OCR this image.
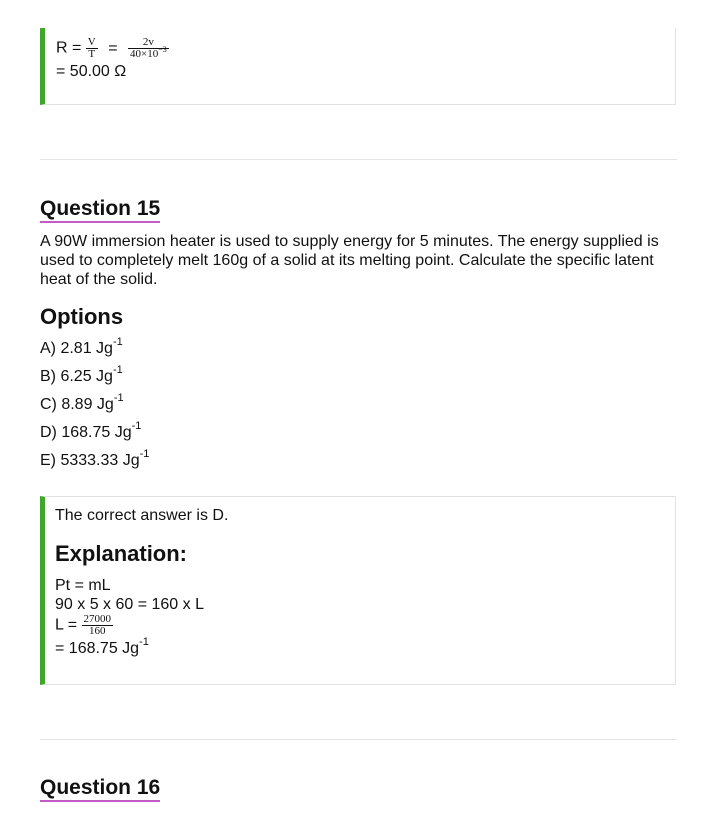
$R = \frac{V}{T} = \frac{2v}{40\times 10^{-3}}$
= 50.00 Ω
Question 15
A 90W immersion heater is used to supply energy for 5 minutes. The energy supplied is used to completely melt 160g of a solid at its melting point. Calculate the specific latent heat of the solid.
Options
A) 2.81 $Jg^{-1}$
B) 6.25 $Jg^{-1}$
C) 8.89 $Jg^{-1}$
D) 168.75 $Jg^{-1}$
E) 5333.33 $Jg^{-1}$
The correct answer is D.
Explanation:
Pt = mL
90 x 5 x 60 = 160 x L
$L = \frac{27000}{160}$
= 168.75 $Jg^{-1}$
Question 16
